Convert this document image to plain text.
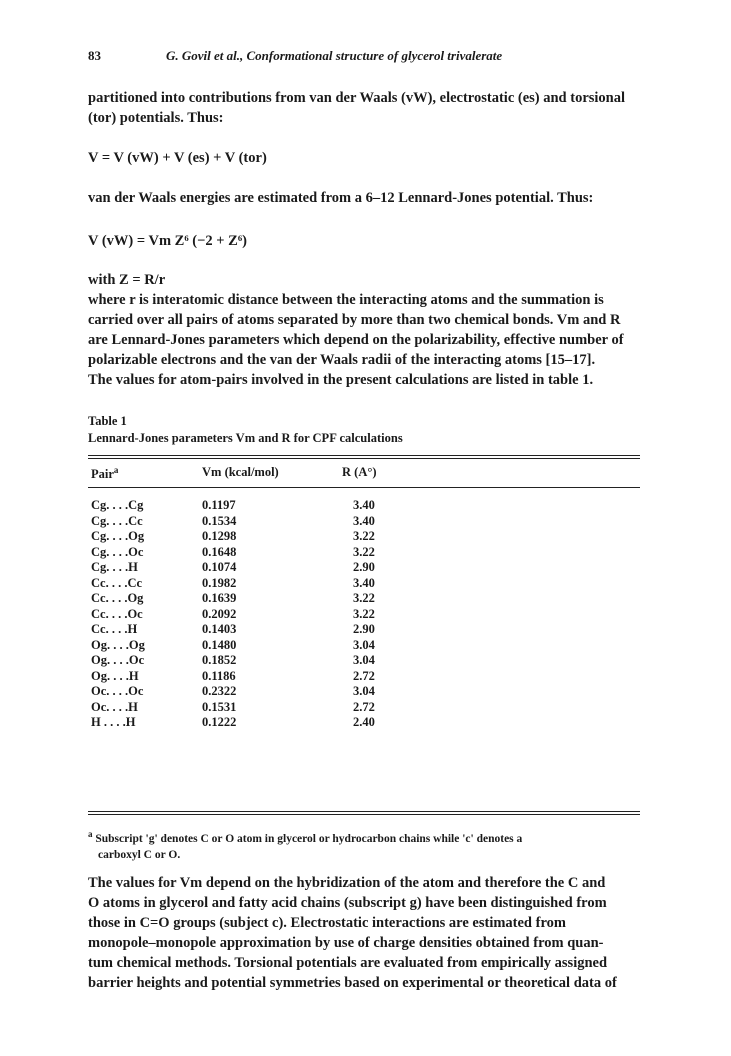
83	G. Govil et al., Conformational structure of glycerol trivalerate
partitioned into contributions from van der Waals (vW), electrostatic (es) and torsional
(tor) potentials. Thus:
V = V (vW) + V (es) + V (tor)
van der Waals energies are estimated from a 6–12 Lennard-Jones potential. Thus:
V (vW) = Vm Z⁶ (−2 + Z⁶)
with Z = R/r
where r is interatomic distance between the interacting atoms and the summation is
carried over all pairs of atoms separated by more than two chemical bonds. Vm and R
are Lennard-Jones parameters which depend on the polarizability, effective number of
polarizable electrons and the van der Waals radii of the interacting atoms [15–17].
The values for atom-pairs involved in the present calculations are listed in table 1.
Table 1
Lennard-Jones parameters Vm and R for CPF calculations
Pair$^a$	Vm (kcal/mol)	R (A°)
Cg. . . .Cg	0.1197	3.40
Cg. . . .Cc	0.1534	3.40
Cg. . . .Og	0.1298	3.22
Cg. . . .Oc	0.1648	3.22
Cg. . . .H	0.1074	2.90
Cc. . . .Cc	0.1982	3.40
Cc. . . .Og	0.1639	3.22
Cc. . . .Oc	0.2092	3.22
Cc. . . .H	0.1403	2.90
Og. . . .Og	0.1480	3.04
Og. . . .Oc	0.1852	3.04
Og. . . .H	0.1186	2.72
Oc. . . .Oc	0.2322	3.04
Oc. . . .H	0.1531	2.72
H . . . .H	0.1222	2.40
$^a$ Subscript 'g' denotes C or O atom in glycerol or hydrocarbon chains while 'c' denotes a
carboxyl C or O.
The values for Vm depend on the hybridization of the atom and therefore the C and
O atoms in glycerol and fatty acid chains (subscript g) have been distinguished from
those in C=O groups (subject c). Electrostatic interactions are estimated from
monopole–monopole approximation by use of charge densities obtained from quan-
tum chemical methods. Torsional potentials are evaluated from empirically assigned
barrier heights and potential symmetries based on experimental or theoretical data of
